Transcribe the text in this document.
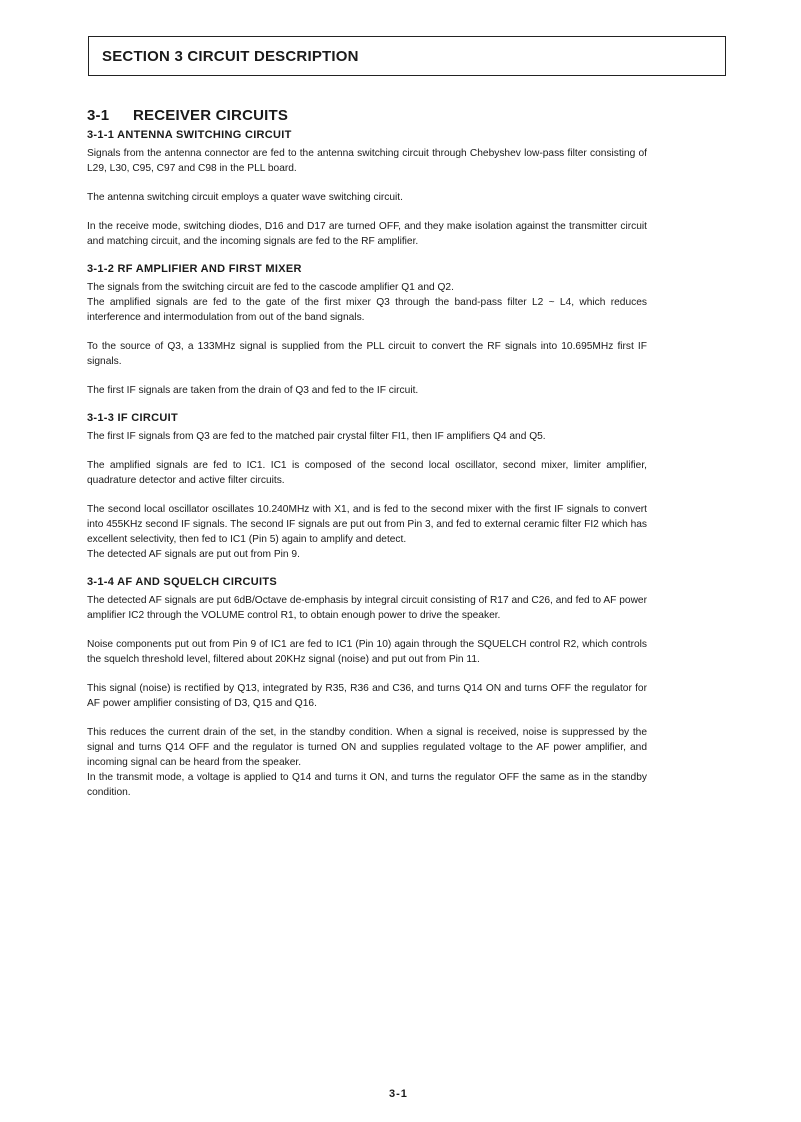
SECTION 3 CIRCUIT DESCRIPTION
3-1 RECEIVER CIRCUITS
3-1-1 ANTENNA SWITCHING CIRCUIT

Signals from the antenna connector are fed to the antenna switching circuit through Chebyshev low-pass filter consisting of L29, L30, C95, C97 and C98 in the PLL board.

The antenna switching circuit employs a quater wave switching circuit.

In the receive mode, switching diodes, D16 and D17 are turned OFF, and they make isolation against the transmitter circuit and matching circuit, and the incoming signals are fed to the RF amplifier.

3-1-2 RF AMPLIFIER AND FIRST MIXER

The signals from the switching circuit are fed to the cascode amplifier Q1 and Q2.

The amplified signals are fed to the gate of the first mixer Q3 through the band-pass filter L2 ~ L4, which reduces interference and intermodulation from out of the band signals.

To the source of Q3, a 133MHz signal is supplied from the PLL circuit to convert the RF signals into 10.695MHz first IF signals.

The first IF signals are taken from the drain of Q3 and fed to the IF circuit.

3-1-3 IF CIRCUIT

The first IF signals from Q3 are fed to the matched pair crystal filter FI1, then IF amplifiers Q4 and Q5.

The amplified signals are fed to IC1. IC1 is composed of the second local oscillator, second mixer, limiter amplifier, quadrature detector and active filter circuits.

The second local oscillator oscillates 10.240MHz with X1, and is fed to the second mixer with the first IF signals to convert into 455KHz second IF signals. The second IF signals are put out from Pin 3, and fed to external ceramic filter FI2 which has excellent selectivity, then fed to IC1 (Pin 5) again to amplify and detect.

The detected AF signals are put out from Pin 9.

3-1-4 AF AND SQUELCH CIRCUITS

The detected AF signals are put 6dB/Octave de-emphasis by integral circuit consisting of R17 and C26, and fed to AF power amplifier IC2 through the VOLUME control R1, to obtain enough power to drive the speaker.

Noise components put out from Pin 9 of IC1 are fed to IC1 (Pin 10) again through the SQUELCH control R2, which controls the squelch threshold level, filtered about 20KHz signal (noise) and put out from Pin 11.

This signal (noise) is rectified by Q13, integrated by R35, R36 and C36, and turns Q14 ON and turns OFF the regulator for AF power amplifier consisting of D3, Q15 and Q16.

This reduces the current drain of the set, in the standby condition. When a signal is received, noise is suppressed by the signal and turns Q14 OFF and the regulator is turned ON and supplies regulated voltage to the AF power amplifier, and incoming signal can be heard from the speaker.

In the transmit mode, a voltage is applied to Q14 and turns it ON, and turns the regulator OFF the same as in the standby condition.

3-1
